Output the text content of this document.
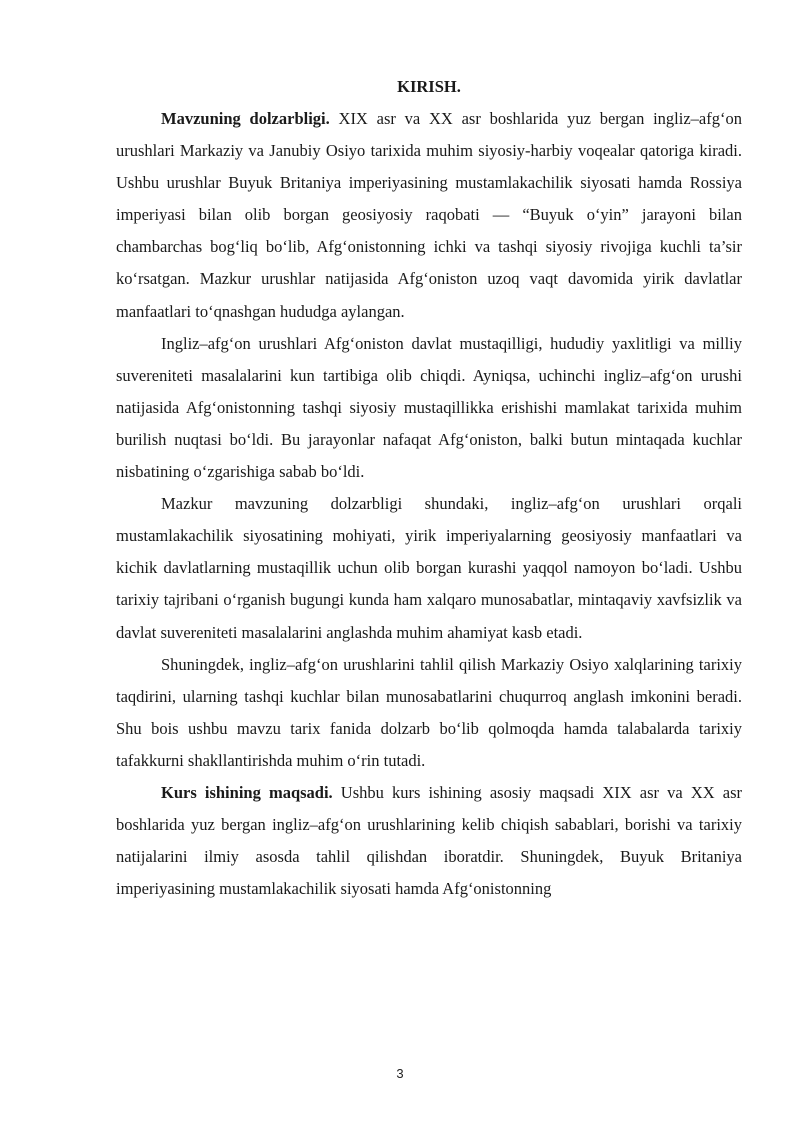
KIRISH.

Mavzuning dolzarbligi. XIX asr va XX asr boshlarida yuz bergan ingliz–afg‘on urushlari Markaziy va Janubiy Osiyo tarixida muhim siyosiy-harbiy voqealar qatoriga kiradi. Ushbu urushlar Buyuk Britaniya imperiyasining mustamlakachilik siyosati hamda Rossiya imperiyasi bilan olib borgan geosiyosiy raqobati — “Buyuk o‘yin” jarayoni bilan chambarchas bog‘liq bo‘lib, Afg‘onistonning ichki va tashqi siyosiy rivojiga kuchli ta’sir ko‘rsatgan. Mazkur urushlar natijasida Afg‘oniston uzoq vaqt davomida yirik davlatlar manfaatlari to‘qnashgan hududga aylangan.

Ingliz–afg‘on urushlari Afg‘oniston davlat mustaqilligi, hududiy yaxlitligi va milliy suvereniteti masalalarini kun tartibiga olib chiqdi. Ayniqsa, uchinchi ingliz–afg‘on urushi natijasida Afg‘onistonning tashqi siyosiy mustaqillikka erishishi mamlakat tarixida muhim burilish nuqtasi bo‘ldi. Bu jarayonlar nafaqat Afg‘oniston, balki butun mintaqada kuchlar nisbatining o‘zgarishiga sabab bo‘ldi.

Mazkur mavzuning dolzarbligi shundaki, ingliz–afg‘on urushlari orqali mustamlakachilik siyosatining mohiyati, yirik imperiyalarning geosiyosiy manfaatlari va kichik davlatlarning mustaqillik uchun olib borgan kurashi yaqqol namoyon bo‘ladi. Ushbu tarixiy tajribani o‘rganish bugungi kunda ham xalqaro munosabatlar, mintaqaviy xavfsizlik va davlat suvereniteti masalalarini anglashda muhim ahamiyat kasb etadi.

Shuningdek, ingliz–afg‘on urushlarini tahlil qilish Markaziy Osiyo xalqlarining tarixiy taqdirini, ularning tashqi kuchlar bilan munosabatlarini chuqurroq anglash imkonini beradi. Shu bois ushbu mavzu tarix fanida dolzarb bo‘lib qolmoqda hamda talabalarda tarixiy tafakkurni shakllantirishda muhim o‘rin tutadi.

Kurs ishining maqsadi. Ushbu kurs ishining asosiy maqsadi XIX asr va XX asr boshlarida yuz bergan ingliz–afg‘on urushlarining kelib chiqish sabablari, borishi va tarixiy natijalarini ilmiy asosda tahlil qilishdan iboratdir. Shuningdek, Buyuk Britaniya imperiyasining mustamlakachilik siyosati hamda Afg‘onistonning

3
